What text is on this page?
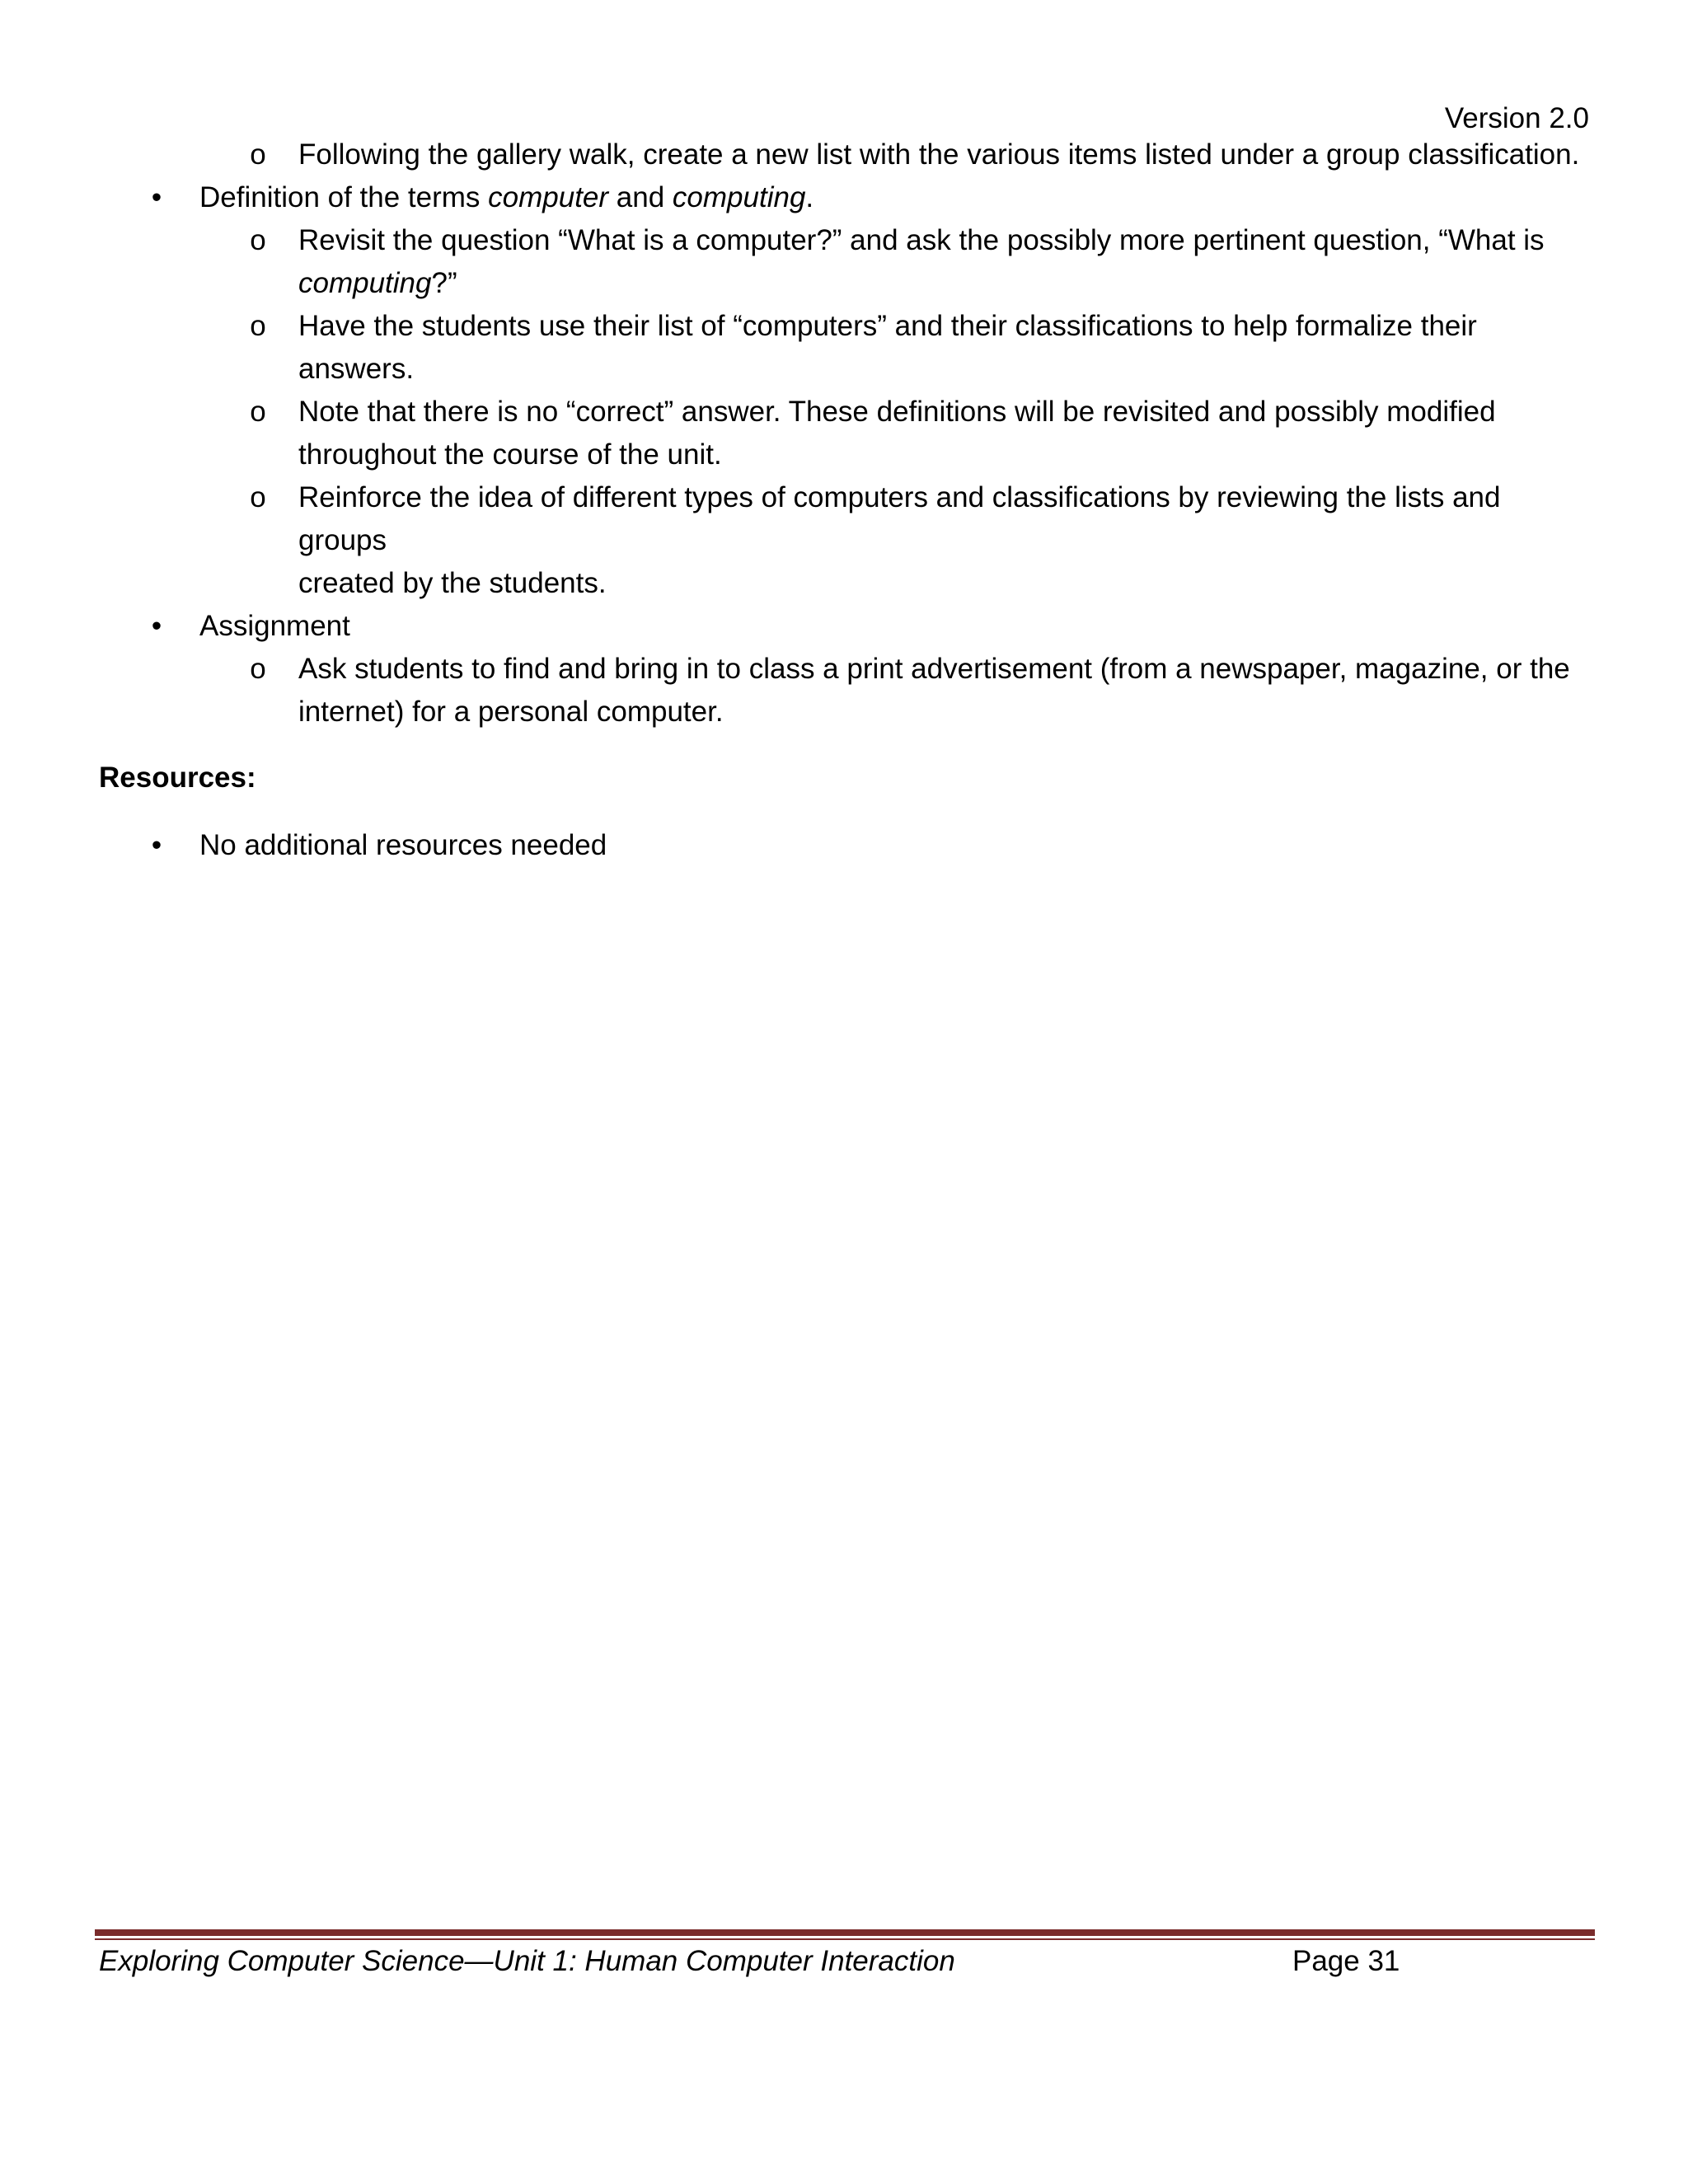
Version 2.0
o Following the gallery walk, create a new list with the various items listed under a group classification.
• Definition of the terms computer and computing.
o Revisit the question “What is a computer?” and ask the possibly more pertinent question, “What is
computing?”
o Have the students use their list of “computers” and their classifications to help formalize their answers.
o Note that there is no “correct” answer. These definitions will be revisited and possibly modified
throughout the course of the unit.
o Reinforce the idea of different types of computers and classifications by reviewing the lists and groups
created by the students.
• Assignment
o Ask students to find and bring in to class a print advertisement (from a newspaper, magazine, or the
internet) for a personal computer.
Resources:
• No additional resources needed
Exploring Computer Science—Unit 1: Human Computer Interaction	Page 31
